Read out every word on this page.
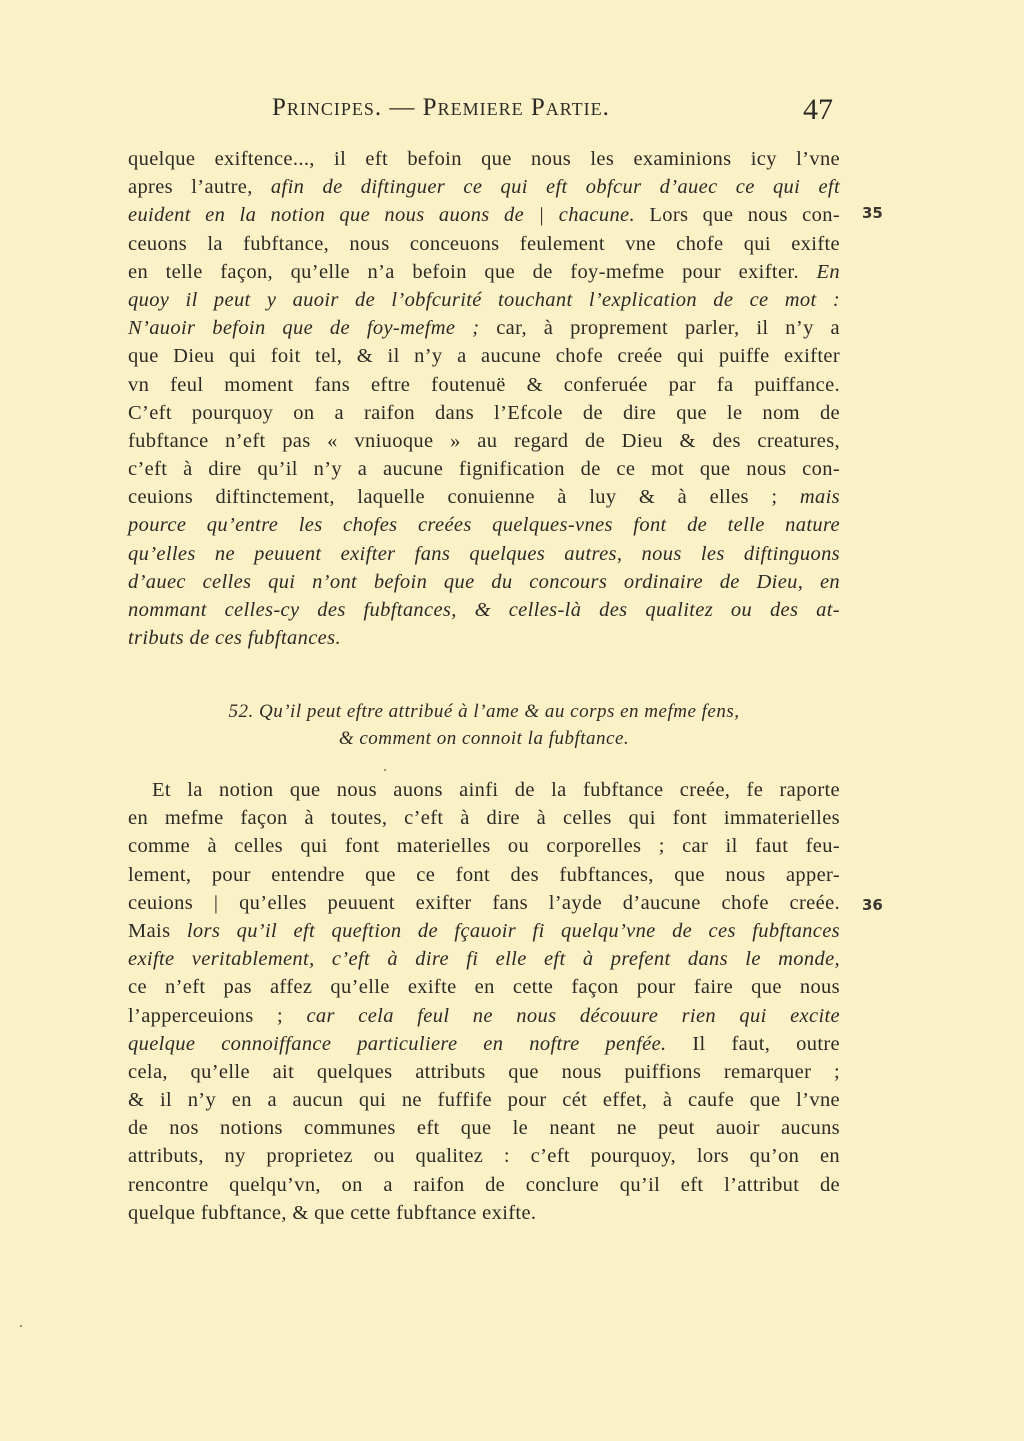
Principes. — Premiere Partie.	47
quelque exiftence..., il eft befoin que nous les examinions icy l’vne
apres l’autre, afin de diftinguer ce qui eft obfcur d’auec ce qui eft
euident en la notion que nous auons de | chacune. Lors que nous con-
ceuons la fubftance, nous conceuons feulement vne chofe qui exifte
en telle façon, qu’elle n’a befoin que de foy-mefme pour exifter. En
quoy il peut y auoir de l’obfcurité touchant l’explication de ce mot :
N’auoir befoin que de foy-mefme ; car, à proprement parler, il n’y a
que Dieu qui foit tel, & il n’y a aucune chofe creée qui puiffe exifter
vn feul moment fans eftre foutenuë & conferuée par fa puiffance.
C’eft pourquoy on a raifon dans l’Efcole de dire que le nom de
fubftance n’eft pas « vniuoque » au regard de Dieu & des creatures,
c’eft à dire qu’il n’y a aucune fignification de ce mot que nous con-
ceuions diftinctement, laquelle conuienne à luy & à elles ; mais
pource qu’entre les chofes creées quelques-vnes font de telle nature
qu’elles ne peuuent exifter fans quelques autres, nous les diftinguons
d’auec celles qui n’ont befoin que du concours ordinaire de Dieu, en
nommant celles-cy des fubftances, & celles-là des qualitez ou des at-
tributs de ces fubftances.
35
52. Qu’il peut eftre attribué à l’ame & au corps en mefme fens,
& comment on connoit la fubftance.
Et la notion que nous auons ainfi de la fubftance creée, fe raporte
en mefme façon à toutes, c’eft à dire à celles qui font immaterielles
comme à celles qui font materielles ou corporelles ; car il faut feu-
lement, pour entendre que ce font des fubftances, que nous apper-
ceuions | qu’elles peuuent exifter fans l’ayde d’aucune chofe creée.
Mais lors qu’il eft queftion de fçauoir fi quelqu’vne de ces fubftances
exifte veritablement, c’eft à dire fi elle eft à prefent dans le monde,
ce n’eft pas affez qu’elle exifte en cette façon pour faire que nous
l’apperceuions ; car cela feul ne nous découure rien qui excite
quelque connoiffance particuliere en noftre penfée. Il faut, outre
cela, qu’elle ait quelques attributs que nous puiffions remarquer ;
& il n’y en a aucun qui ne fuffife pour cét effet, à caufe que l’vne
de nos notions communes eft que le neant ne peut auoir aucuns
attributs, ny proprietez ou qualitez : c’eft pourquoy, lors qu’on en
rencontre quelqu’vn, on a raifon de conclure qu’il eft l’attribut de
quelque fubftance, & que cette fubftance exifte.
36
